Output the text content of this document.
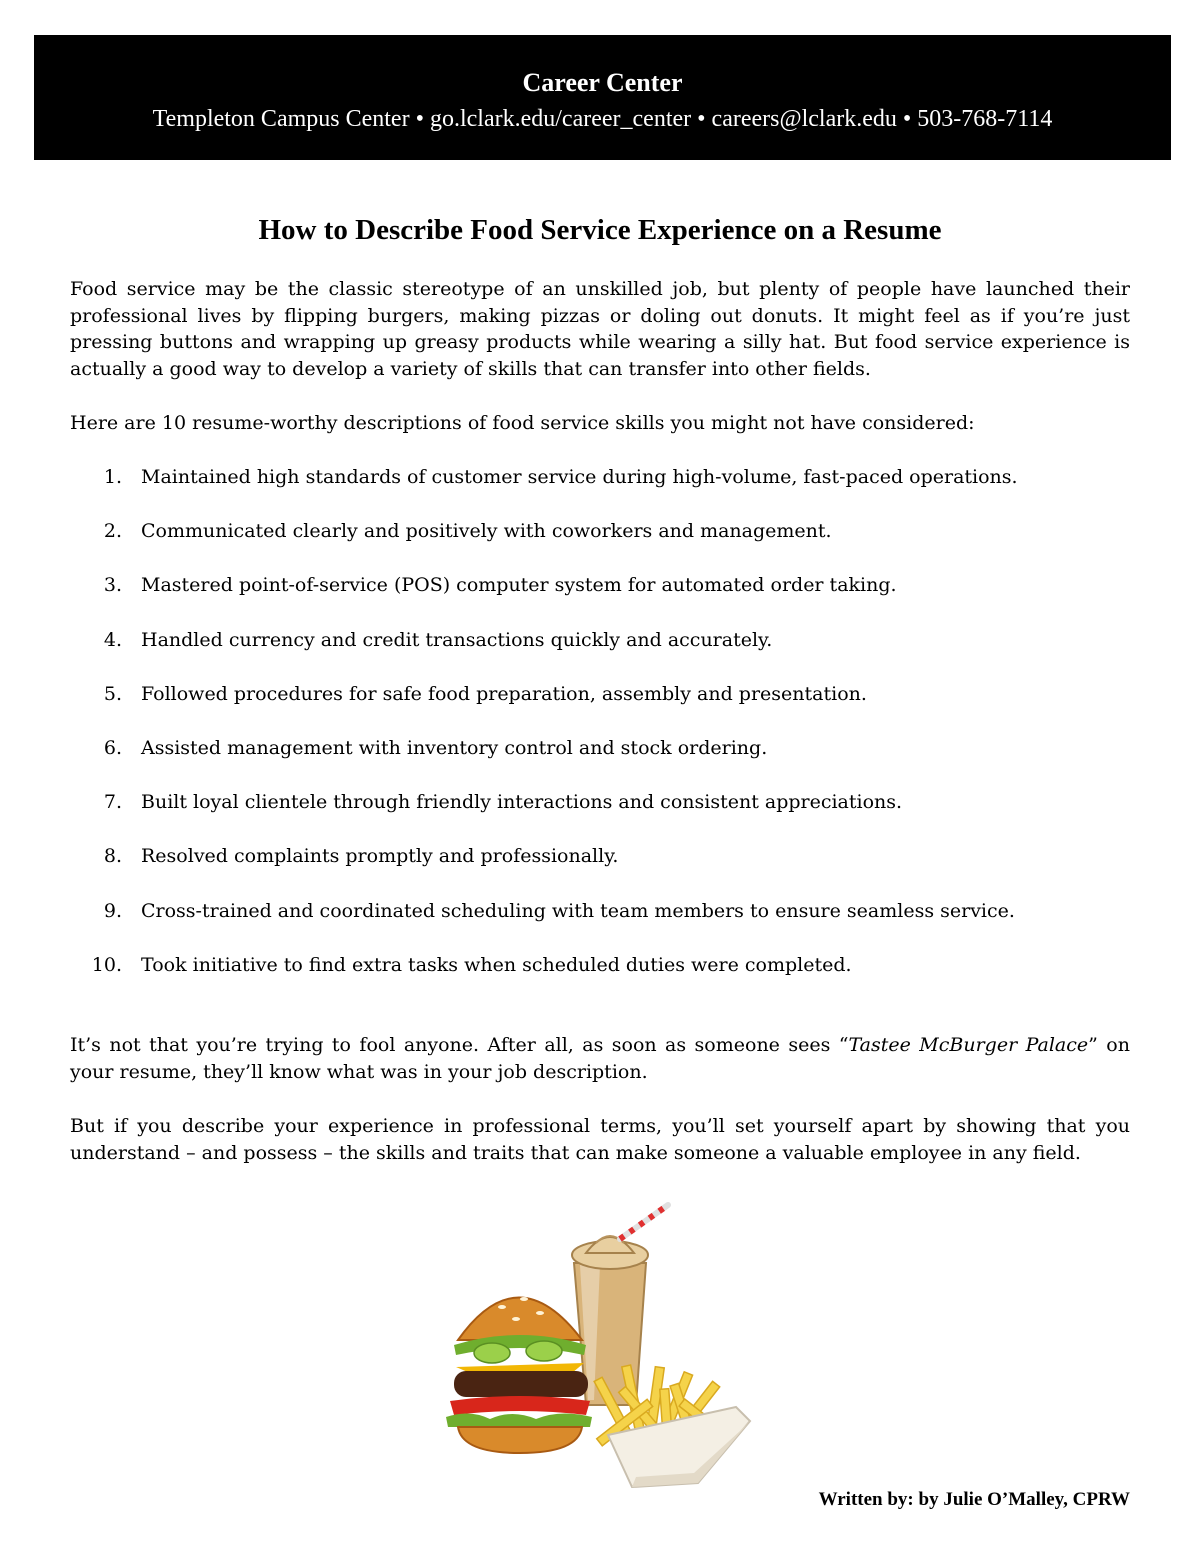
Career Center
Templeton Campus Center • go.lclark.edu/career_center • careers@lclark.edu • 503-768-7114
How to Describe Food Service Experience on a Resume
Food service may be the classic stereotype of an unskilled job, but plenty of people have launched their professional lives by flipping burgers, making pizzas or doling out donuts. It might feel as if you’re just pressing buttons and wrapping up greasy products while wearing a silly hat. But food service experience is actually a good way to develop a variety of skills that can transfer into other fields.
Here are 10 resume-worthy descriptions of food service skills you might not have considered:
1. Maintained high standards of customer service during high-volume, fast-paced operations.
2. Communicated clearly and positively with coworkers and management.
3. Mastered point-of-service (POS) computer system for automated order taking.
4. Handled currency and credit transactions quickly and accurately.
5. Followed procedures for safe food preparation, assembly and presentation.
6. Assisted management with inventory control and stock ordering.
7. Built loyal clientele through friendly interactions and consistent appreciations.
8. Resolved complaints promptly and professionally.
9. Cross-trained and coordinated scheduling with team members to ensure seamless service.
10. Took initiative to find extra tasks when scheduled duties were completed.
It’s not that you’re trying to fool anyone. After all, as soon as someone sees “Tastee McBurger Palace” on your resume, they’ll know what was in your job description.
But if you describe your experience in professional terms, you’ll set yourself apart by showing that you understand – and possess – the skills and traits that can make someone a valuable employee in any field.
Written by: by Julie O’Malley, CPRW
